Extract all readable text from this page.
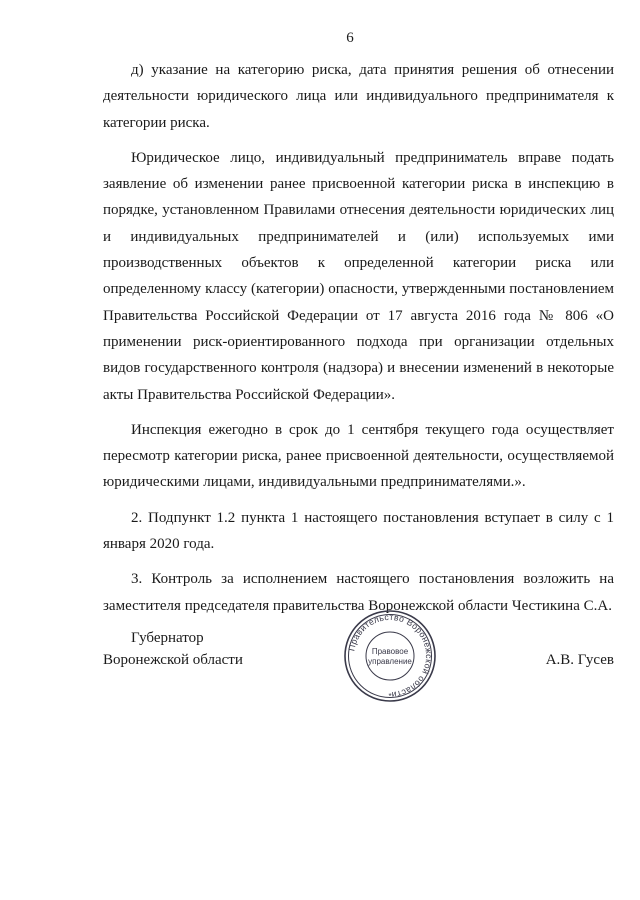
6

д) указание на категорию риска, дата принятия решения об отнесении деятельности юридического лица или индивидуального предпринимателя к категории риска.

Юридическое лицо, индивидуальный предприниматель вправе подать заявление об изменении ранее присвоенной категории риска в инспекцию в порядке, установленном Правилами отнесения деятельности юридических лиц и индивидуальных предпринимателей и (или) используемых ими производственных объектов к определенной категории риска или определенному классу (категории) опасности, утвержденными постановлением Правительства Российской Федерации от 17 августа 2016 года № 806 «О применении риск-ориентированного подхода при организации отдельных видов государственного контроля (надзора) и внесении изменений в некоторые акты Правительства Российской Федерации».

Инспекция ежегодно в срок до 1 сентября текущего года осуществляет пересмотр категории риска, ранее присвоенной деятельности, осуществляемой юридическими лицами, индивидуальными предпринимателями.».

2. Подпункт 1.2 пункта 1 настоящего постановления вступает в силу с 1 января 2020 года.

3. Контроль за исполнением настоящего постановления возложить на заместителя председателя правительства Воронежской области Честикина С.А.

Губернатор
Воронежской области	А.В. Гусев
Правительство Воронежской области
Правовое
управление
*
